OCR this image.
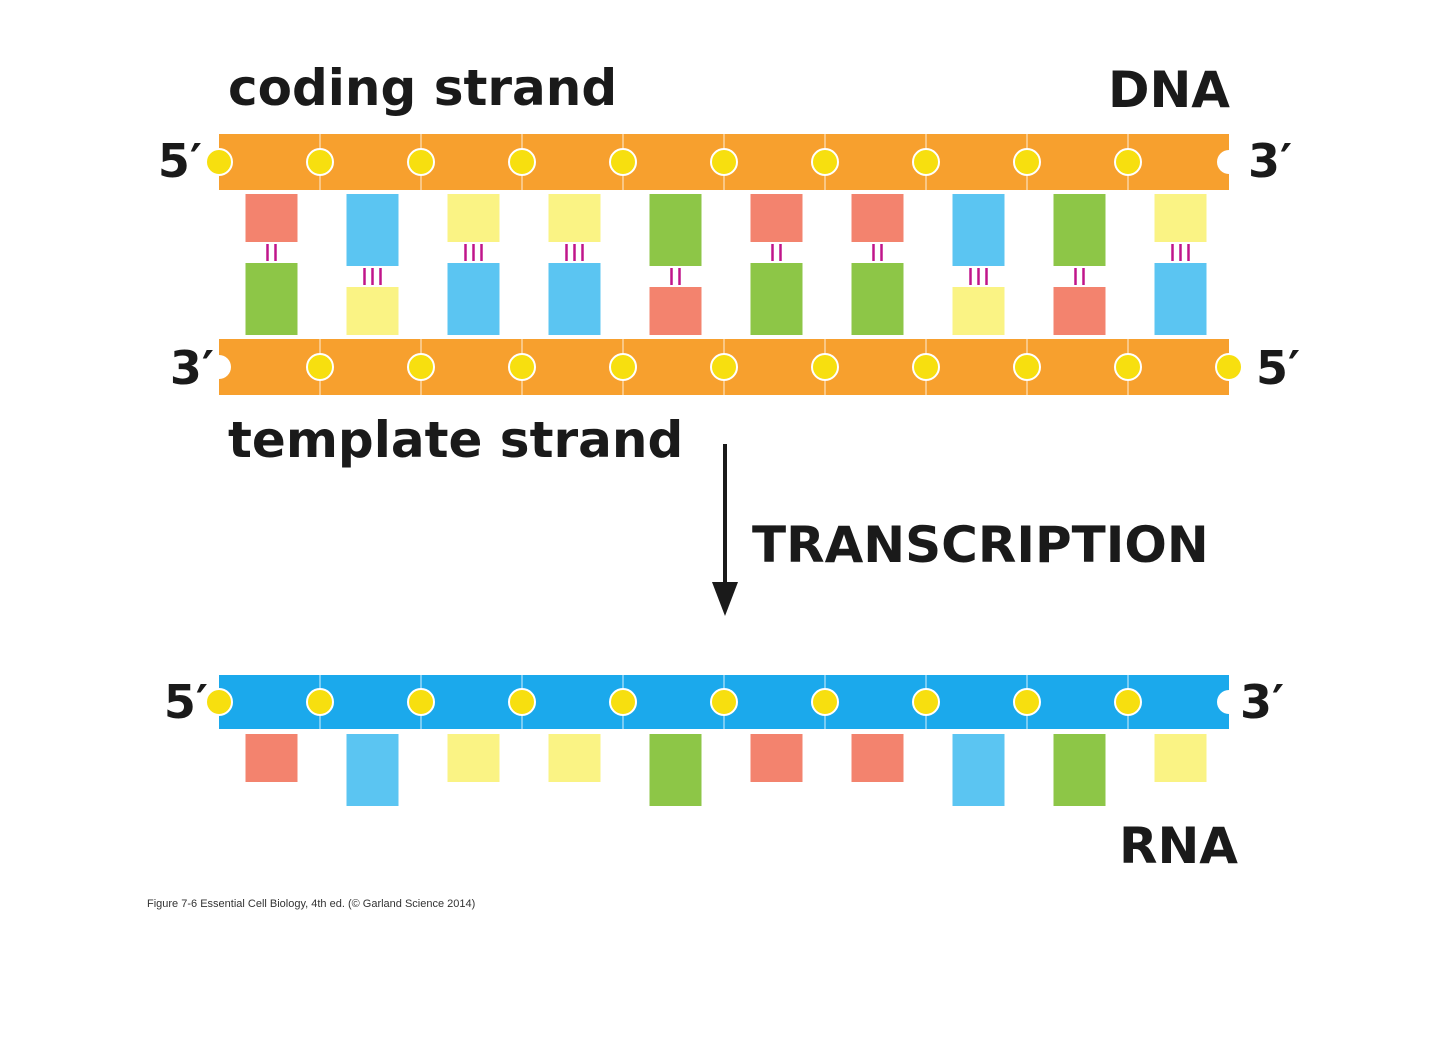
coding strand	DNA
5′	3′
3′	5′
template strand
TRANSCRIPTION
5′	3′
RNA
Figure 7-6 Essential Cell Biology, 4th ed. (© Garland Science 2014)
